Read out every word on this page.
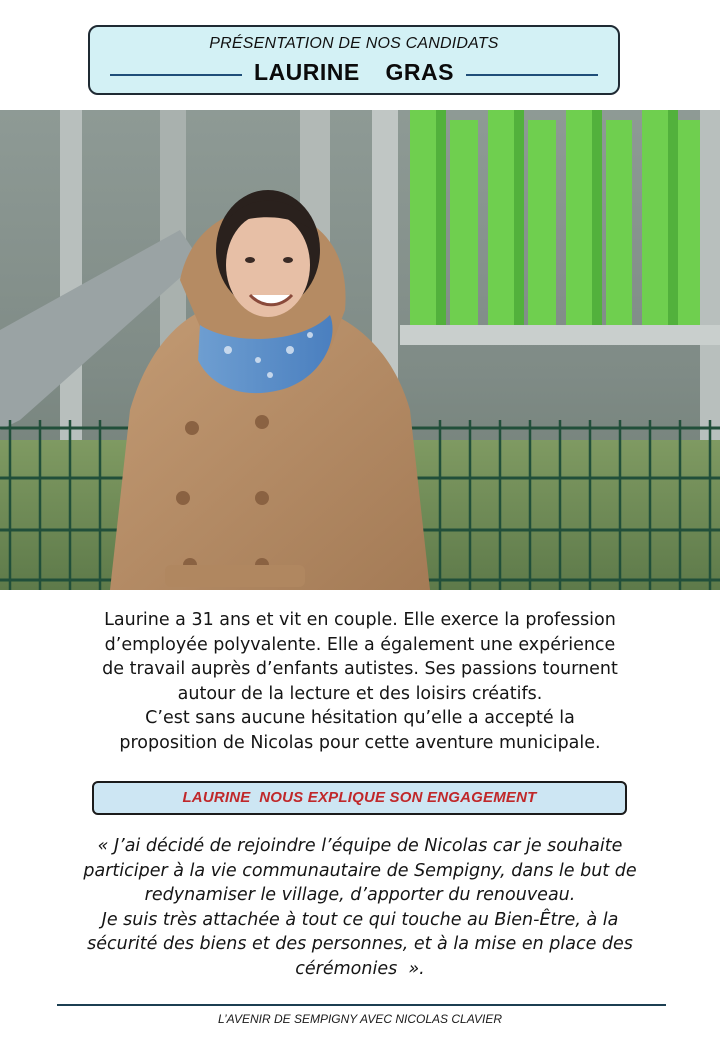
PRÉSENTATION DE NOS CANDIDATS
LAURINE  GRAS

Laurine a 31 ans et vit en couple. Elle exerce la profession

d’employée polyvalente. Elle a également une expérience

de travail auprès d’enfants autistes. Ses passions tournent

autour de la lecture et des loisirs créatifs.

C’est sans aucune hésitation qu’elle a accepté la

proposition de Nicolas pour cette aventure municipale.

LAURINE  NOUS EXPLIQUE SON ENGAGEMENT

« J’ai décidé de rejoindre l’équipe de Nicolas car je souhaite

participer à la vie communautaire de Sempigny, dans le but de

redynamiser le village, d’apporter du renouveau.

Je suis très attachée à tout ce qui touche au Bien-Être, à la

sécurité des biens et des personnes, et à la mise en place des

cérémonies  ».

L’AVENIR DE SEMPIGNY AVEC NICOLAS CLAVIER
